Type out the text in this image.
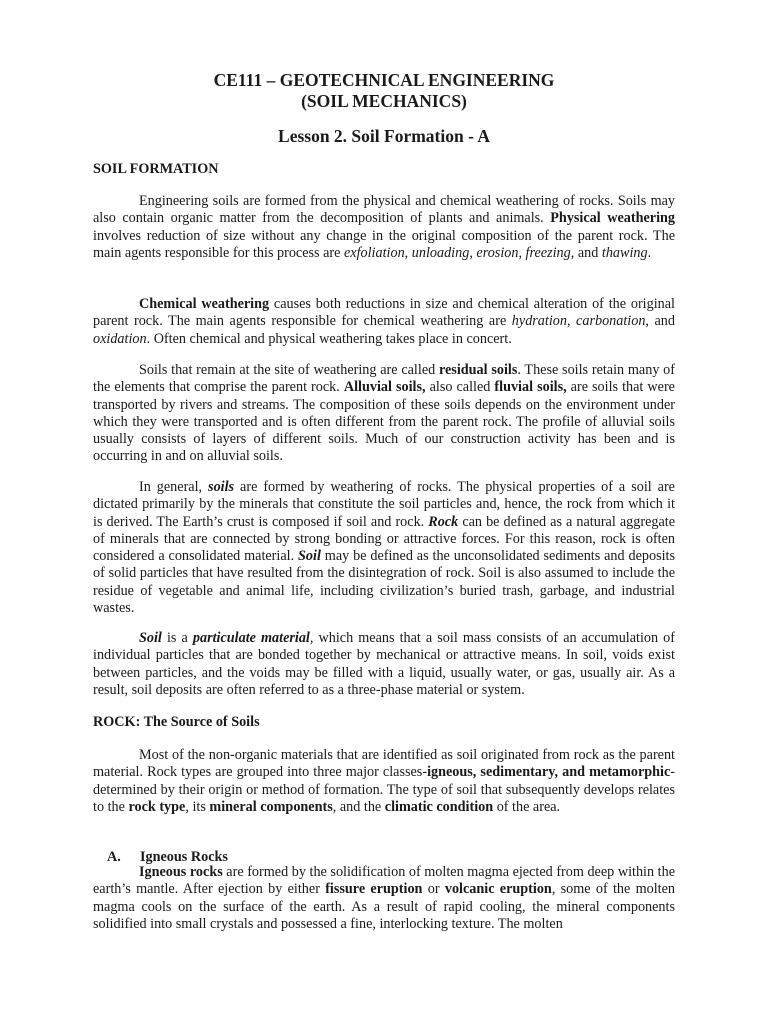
CE111 – GEOTECHNICAL ENGINEERING
(SOIL MECHANICS)
Lesson 2. Soil Formation - A
SOIL FORMATION
Engineering soils are formed from the physical and chemical weathering of rocks. Soils may also contain organic matter from the decomposition of plants and animals. Physical weathering involves reduction of size without any change in the original composition of the parent rock. The main agents responsible for this process are exfoliation, unloading, erosion, freezing, and thawing.
Chemical weathering causes both reductions in size and chemical alteration of the original parent rock. The main agents responsible for chemical weathering are hydration, carbonation, and oxidation. Often chemical and physical weathering takes place in concert.
Soils that remain at the site of weathering are called residual soils. These soils retain many of the elements that comprise the parent rock. Alluvial soils, also called fluvial soils, are soils that were transported by rivers and streams. The composition of these soils depends on the environment under which they were transported and is often different from the parent rock. The profile of alluvial soils usually consists of layers of different soils. Much of our construction activity has been and is occurring in and on alluvial soils.
In general, soils are formed by weathering of rocks. The physical properties of a soil are dictated primarily by the minerals that constitute the soil particles and, hence, the rock from which it is derived. The Earth’s crust is composed if soil and rock. Rock can be defined as a natural aggregate of minerals that are connected by strong bonding or attractive forces. For this reason, rock is often considered a consolidated material. Soil may be defined as the unconsolidated sediments and deposits of solid particles that have resulted from the disintegration of rock. Soil is also assumed to include the residue of vegetable and animal life, including civilization’s buried trash, garbage, and industrial wastes.
Soil is a particulate material, which means that a soil mass consists of an accumulation of individual particles that are bonded together by mechanical or attractive means. In soil, voids exist between particles, and the voids may be filled with a liquid, usually water, or gas, usually air. As a result, soil deposits are often referred to as a three-phase material or system.
ROCK: The Source of Soils
Most of the non-organic materials that are identified as soil originated from rock as the parent material. Rock types are grouped into three major classes-igneous, sedimentary, and metamorphic-determined by their origin or method of formation. The type of soil that subsequently develops relates to the rock type, its mineral components, and the climatic condition of the area.
A. Igneous Rocks
Igneous rocks are formed by the solidification of molten magma ejected from deep within the earth’s mantle. After ejection by either fissure eruption or volcanic eruption, some of the molten magma cools on the surface of the earth. As a result of rapid cooling, the mineral components solidified into small crystals and possessed a fine, interlocking texture. The molten
